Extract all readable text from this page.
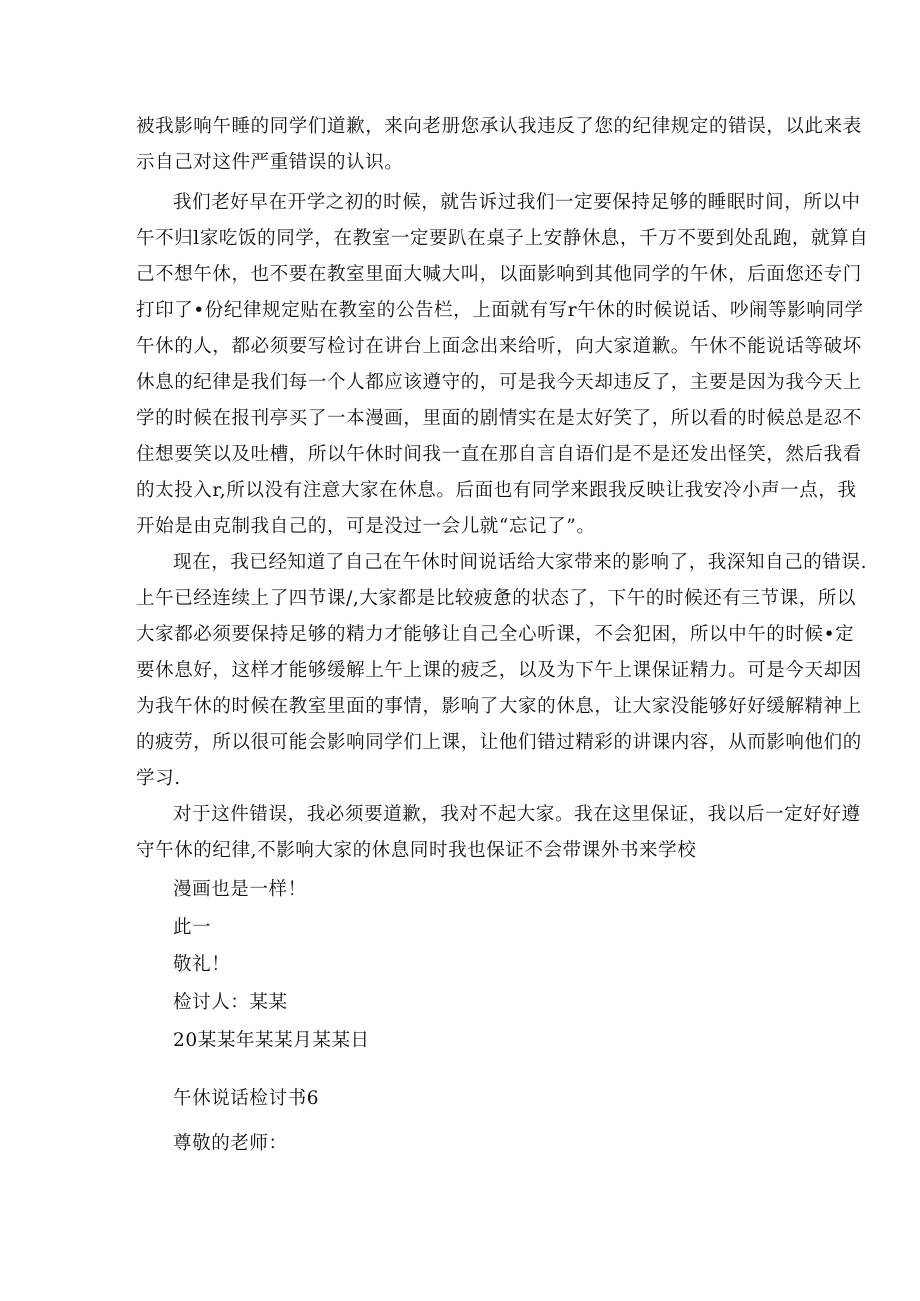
被我影响午睡的同学们道歉，来向老册您承认我违反了您的纪律规定的错误，以此来表
示自己对这件严重错误的认识。
我们老好早在开学之初的时候，就告诉过我们一定要保持足够的睡眠时间，所以中
午不归l家吃饭的同学，在教室一定要趴在桌子上安静休息，千万不要到处乱跑，就算自
己不想午休，也不要在教室里面大喊大叫，以面影响到其他同学的午休，后面您还专门
打印了•份纪律规定贴在教室的公告栏，上面就有写r午休的时候说话、吵闹等影响同学
午休的人，都必须要写检讨在讲台上面念出来给听，向大家道歉。午休不能说话等破坏
休息的纪律是我们每一个人都应该遵守的，可是我今天却违反了，主要是因为我今天上
学的时候在报刊亭买了一本漫画，里面的剧情实在是太好笑了，所以看的时候总是忍不
住想要笑以及吐槽，所以午休时间我一直在那自言自语们是不是还发出怪笑，然后我看
的太投入r,所以没有注意大家在休息。后面也有同学来跟我反映让我安冷小声一点，我
开始是由克制我自己的，可是没过一会儿就“忘记了”。
现在，我已经知道了自己在午休时间说话给大家带来的影响了，我深知自己的错误.
上午已经连续上了四节课/,大家都是比较疲惫的状态了，下午的时候还有三节课，所以
大家都必须要保持足够的精力才能够让自己全心听课，不会犯困，所以中午的时候•定
要休息好，这样才能够缓解上午上课的疲乏，以及为下午上课保证精力。可是今天却因
为我午休的时候在教室里面的事情，影响了大家的休息，让大家没能够好好缓解精神上
的疲劳，所以很可能会影响同学们上课，让他们错过精彩的讲课内容，从而影响他们的
学习.
对于这件错误，我必须要道歉，我对不起大家。我在这里保证，我以后一定好好遵
守午休的纪律,不影响大家的休息同时我也保证不会带课外书来学校
漫画也是一样！
此一
敬礼！
检讨人：某某
20某某年某某月某某日
午休说话检讨书6
尊敬的老师：
